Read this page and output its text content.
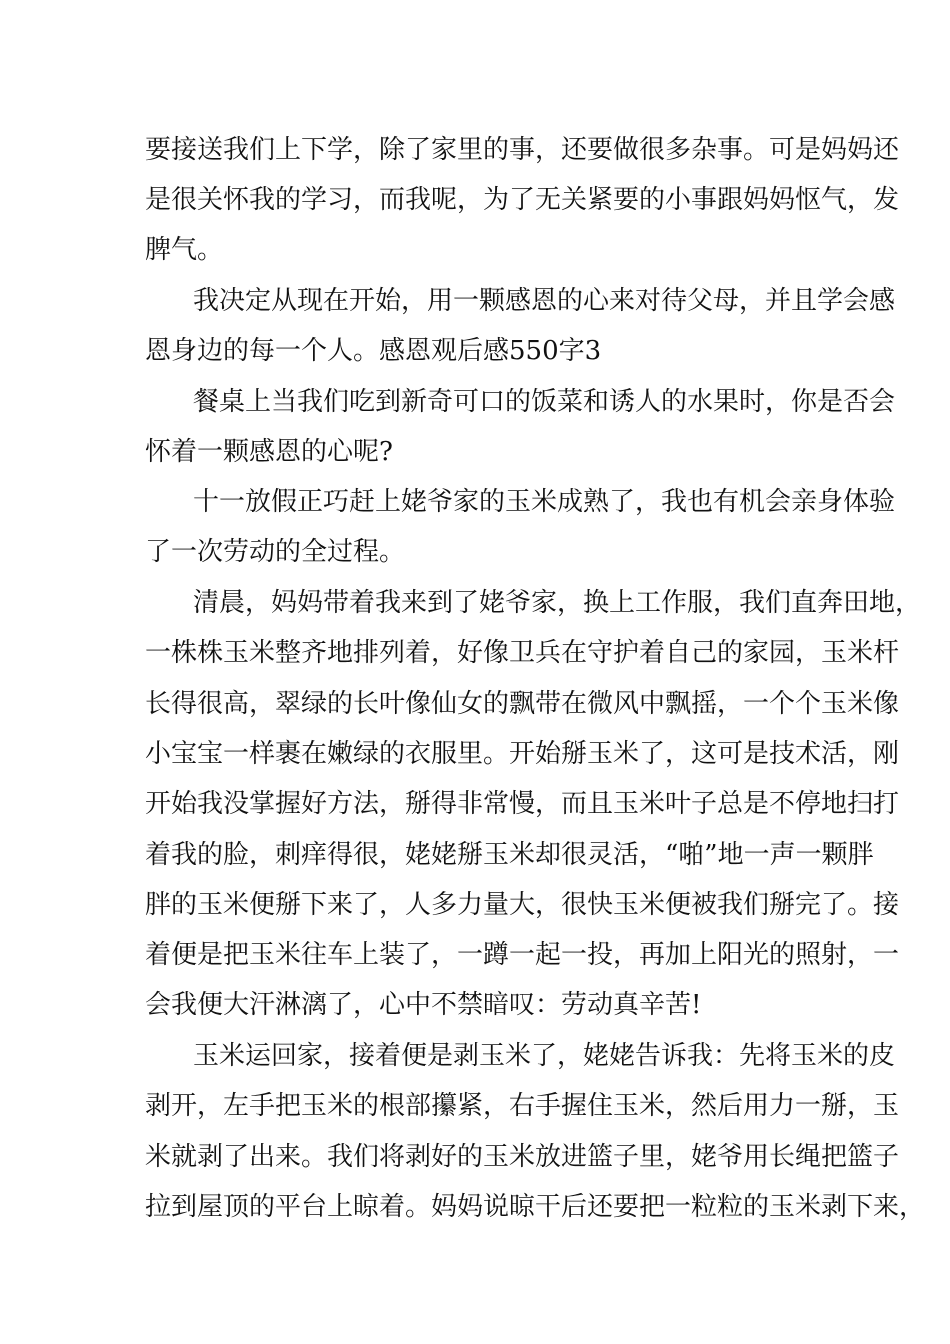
要接送我们上下学，除了家里的事，还要做很多杂事。可是妈妈还
是很关怀我的学习，而我呢，为了无关紧要的小事跟妈妈怄气，发
脾气。
我决定从现在开始，用一颗感恩的心来对待父母，并且学会感
恩身边的每一个人。感恩观后感550字3
餐桌上当我们吃到新奇可口的饭菜和诱人的水果时，你是否会
怀着一颗感恩的心呢?
十一放假正巧赶上姥爷家的玉米成熟了，我也有机会亲身体验
了一次劳动的全过程。
清晨，妈妈带着我来到了姥爷家，换上工作服，我们直奔田地，
一株株玉米整齐地排列着，好像卫兵在守护着自己的家园，玉米杆
长得很高，翠绿的长叶像仙女的飘带在微风中飘摇，一个个玉米像
小宝宝一样裹在嫩绿的衣服里。开始掰玉米了，这可是技术活，刚
开始我没掌握好方法，掰得非常慢，而且玉米叶子总是不停地扫打
着我的脸，刺痒得很，姥姥掰玉米却很灵活，“啪”地一声一颗胖
胖的玉米便掰下来了，人多力量大，很快玉米便被我们掰完了。接
着便是把玉米往车上装了，一蹲一起一投，再加上阳光的照射，一
会我便大汗淋漓了，心中不禁暗叹：劳动真辛苦!
玉米运回家，接着便是剥玉米了，姥姥告诉我：先将玉米的皮
剥开，左手把玉米的根部攥紧，右手握住玉米，然后用力一掰，玉
米就剥了出来。我们将剥好的玉米放进篮子里，姥爷用长绳把篮子
拉到屋顶的平台上晾着。妈妈说晾干后还要把一粒粒的玉米剥下来，
